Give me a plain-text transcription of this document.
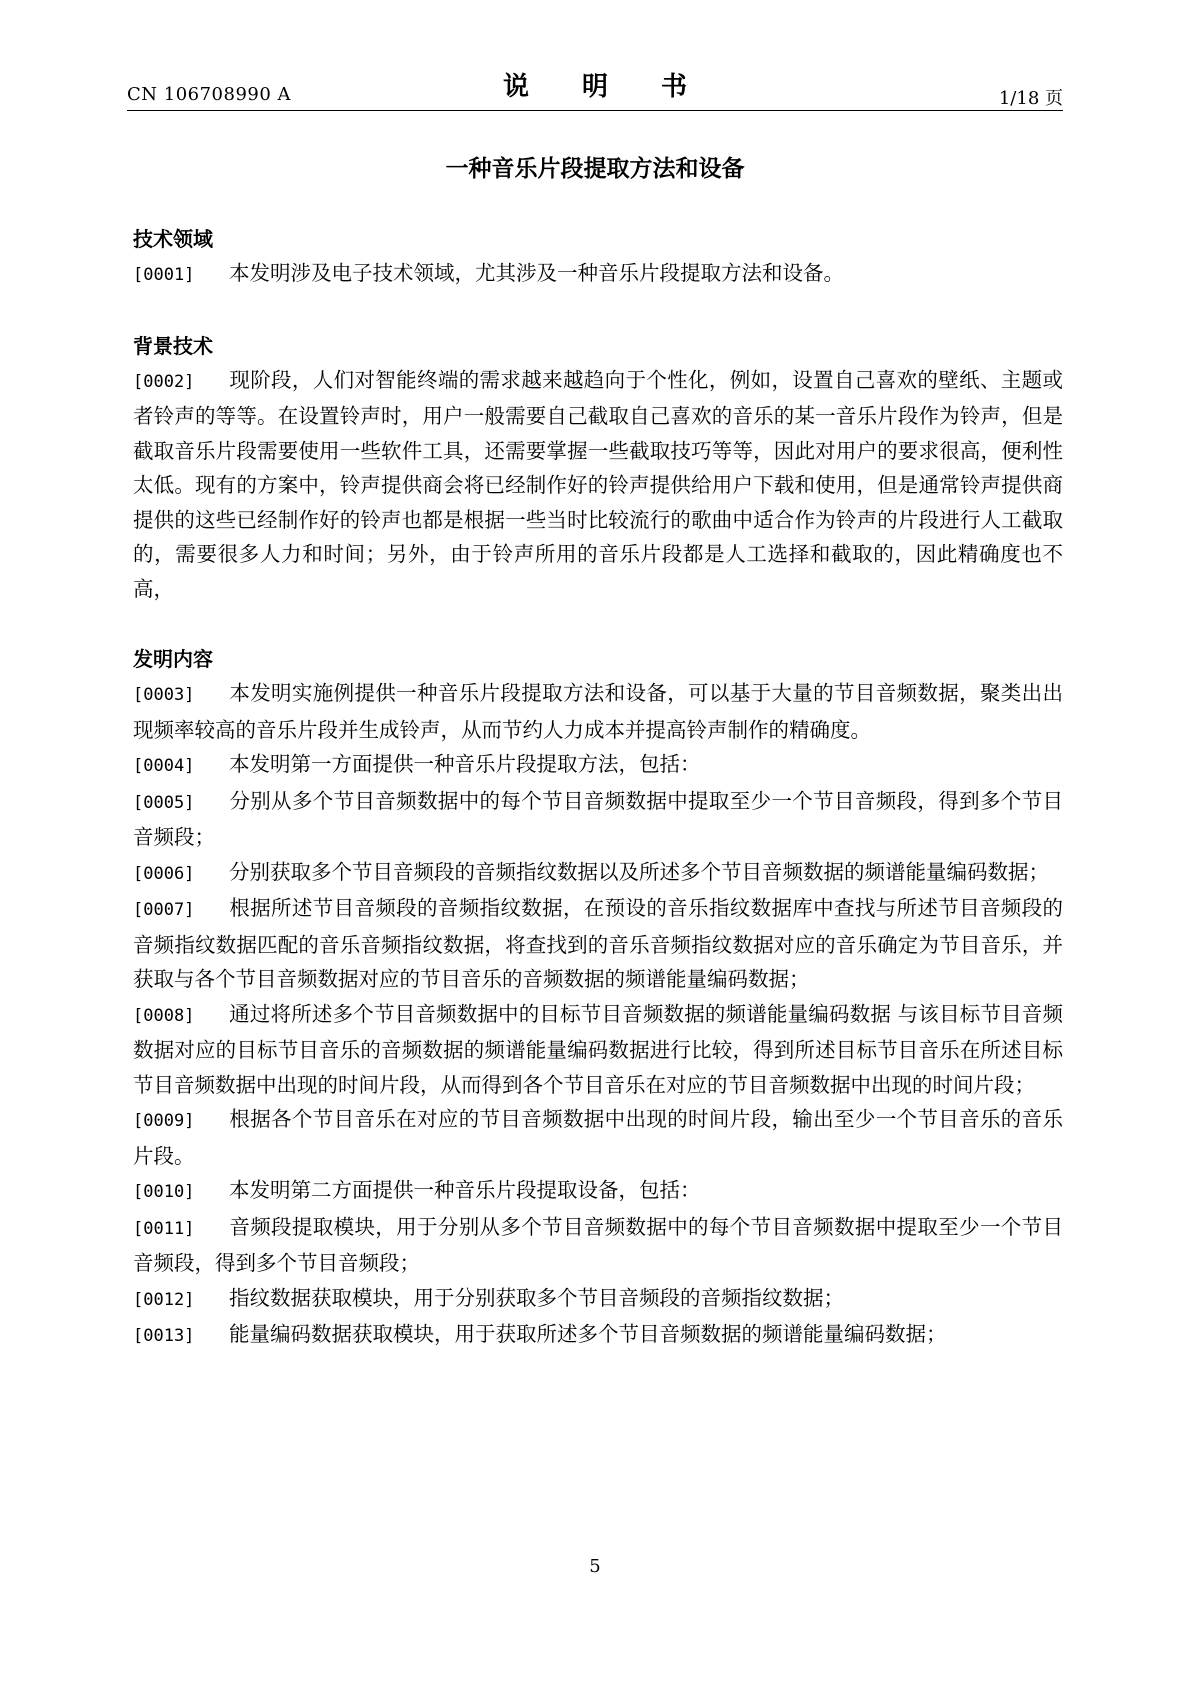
CN 106708990 A	说 明 书	1/18 页
一种音乐片段提取方法和设备
技术领域

[0001] 本发明涉及电子技术领域，尤其涉及一种音乐片段提取方法和设备。

背景技术

[0002] 现阶段，人们对智能终端的需求越来越趋向于个性化，例如，设置自己喜欢的壁纸、主题或者铃声的等等。在设置铃声时，用户一般需要自己截取自己喜欢的音乐的某一音乐片段作为铃声，但是截取音乐片段需要使用一些软件工具，还需要掌握一些截取技巧等等，因此对用户的要求很高，便利性太低。现有的方案中，铃声提供商会将已经制作好的铃声提供给用户下载和使用，但是通常铃声提供商提供的这些已经制作好的铃声也都是根据一些当时比较流行的歌曲中适合作为铃声的片段进行人工截取的，需要很多人力和时间；另外，由于铃声所用的音乐片段都是人工选择和截取的，因此精确度也不高，

发明内容

[0003] 本发明实施例提供一种音乐片段提取方法和设备，可以基于大量的节目音频数据，聚类出出现频率较高的音乐片段并生成铃声，从而节约人力成本并提高铃声制作的精确度。

[0004] 本发明第一方面提供一种音乐片段提取方法，包括：

[0005] 分别从多个节目音频数据中的每个节目音频数据中提取至少一个节目音频段，得到多个节目音频段；

[0006] 分别获取多个节目音频段的音频指纹数据以及所述多个节目音频数据的频谱能量编码数据；

[0007] 根据所述节目音频段的音频指纹数据，在预设的音乐指纹数据库中查找与所述节目音频段的音频指纹数据匹配的音乐音频指纹数据，将查找到的音乐音频指纹数据对应的音乐确定为节目音乐，并获取与各个节目音频数据对应的节目音乐的音频数据的频谱能量编码数据；

[0008] 通过将所述多个节目音频数据中的目标节目音频数据的频谱能量编码数据 与该目标节目音频数据对应的目标节目音乐的音频数据的频谱能量编码数据进行比较，得到所述目标节目音乐在所述目标节目音频数据中出现的时间片段，从而得到各个节目音乐在对应的节目音频数据中出现的时间片段；

[0009] 根据各个节目音乐在对应的节目音频数据中出现的时间片段，输出至少一个节目音乐的音乐片段。

[0010] 本发明第二方面提供一种音乐片段提取设备，包括：

[0011] 音频段提取模块，用于分别从多个节目音频数据中的每个节目音频数据中提取至少一个节目音频段，得到多个节目音频段；

[0012] 指纹数据获取模块，用于分别获取多个节目音频段的音频指纹数据；

[0013] 能量编码数据获取模块，用于获取所述多个节目音频数据的频谱能量编码数据；

5
